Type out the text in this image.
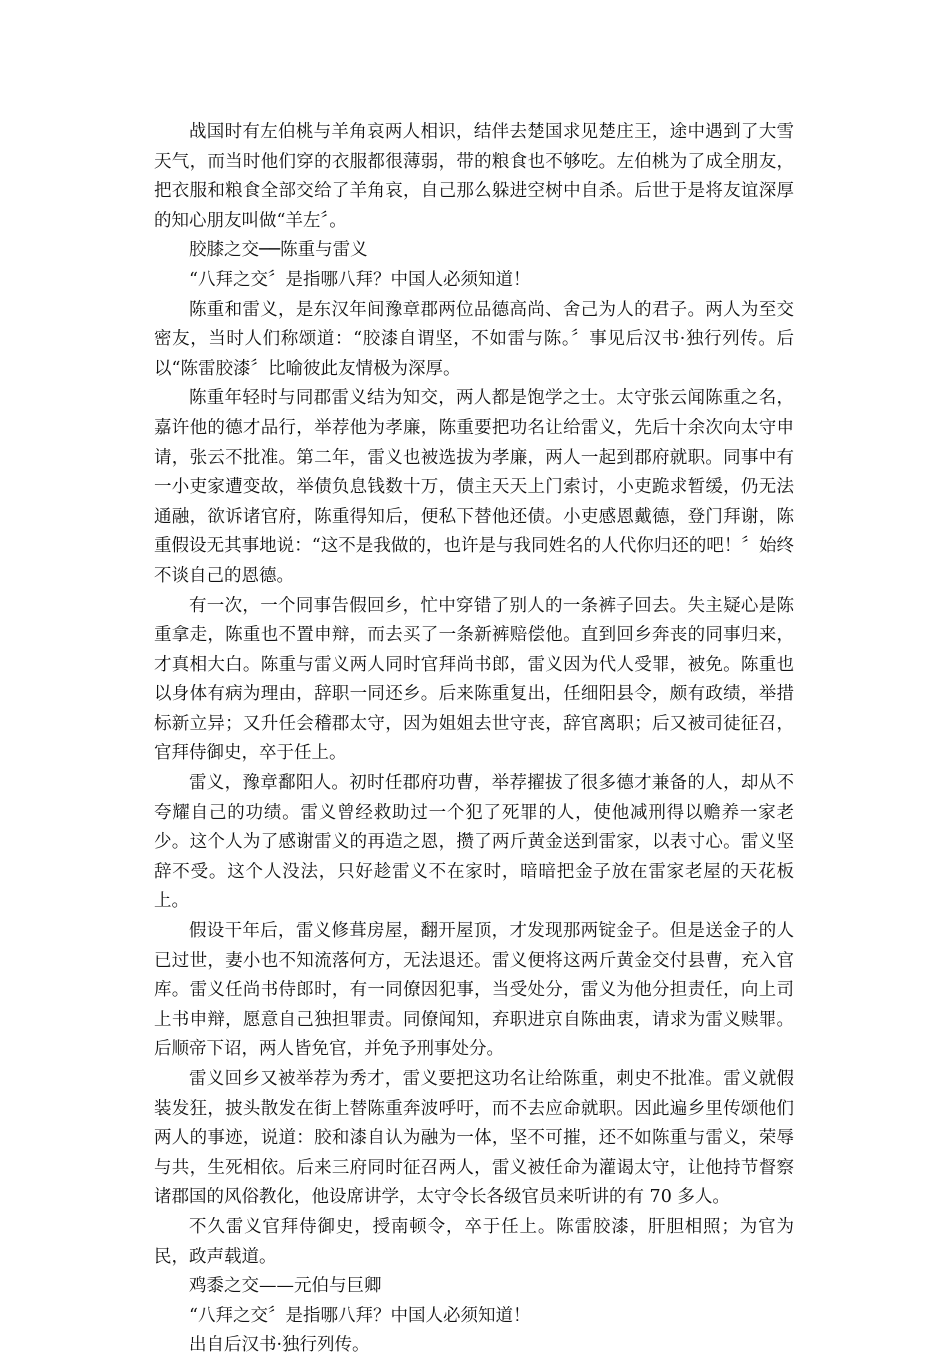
战国时有左伯桃与羊角哀两人相识，结伴去楚国求见楚庄王，途中遇到了大雪天气，而当时他们穿的衣服都很薄弱，带的粮食也不够吃。左伯桃为了成全朋友，把衣服和粮食全部交给了羊角哀，自己那么躲进空树中自杀。后世于是将友谊深厚的知心朋友叫做“羊左〞。

胶膝之交──陈重与雷义

“八拜之交〞是指哪八拜？中国人必须知道！

陈重和雷义，是东汉年间豫章郡两位品德高尚、舍己为人的君子。两人为至交密友，当时人们称颂道：“胶漆自谓坚，不如雷与陈。〞事见后汉书·独行列传。后以“陈雷胶漆〞比喻彼此友情极为深厚。

陈重年轻时与同郡雷义结为知交，两人都是饱学之士。太守张云闻陈重之名，嘉许他的德才品行，举荐他为孝廉，陈重要把功名让给雷义，先后十余次向太守申请，张云不批准。第二年，雷义也被选拔为孝廉，两人一起到郡府就职。同事中有一小吏家遭变故，举债负息钱数十万，债主天天上门索讨，小吏跪求暂缓，仍无法通融，欲诉诸官府，陈重得知后，便私下替他还债。小吏感恩戴德，登门拜谢，陈重假设无其事地说：“这不是我做的，也许是与我同姓名的人代你归还的吧！〞始终不谈自己的恩德。

有一次，一个同事告假回乡，忙中穿错了别人的一条裤子回去。失主疑心是陈重拿走，陈重也不置申辩，而去买了一条新裤赔偿他。直到回乡奔丧的同事归来，才真相大白。陈重与雷义两人同时官拜尚书郎，雷义因为代人受罪，被免。陈重也以身体有病为理由，辞职一同还乡。后来陈重复出，任细阳县令，颇有政绩，举措标新立异；又升任会稽郡太守，因为姐姐去世守丧，辞官离职；后又被司徒征召，官拜侍御史，卒于任上。

雷义，豫章鄱阳人。初时任郡府功曹，举荐擢拔了很多德才兼备的人，却从不夸耀自己的功绩。雷义曾经救助过一个犯了死罪的人，使他减刑得以赡养一家老少。这个人为了感谢雷义的再造之恩，攒了两斤黄金送到雷家，以表寸心。雷义坚辞不受。这个人没法，只好趁雷义不在家时，暗暗把金子放在雷家老屋的天花板上。

假设干年后，雷义修葺房屋，翻开屋顶，才发现那两锭金子。但是送金子的人已过世，妻小也不知流落何方，无法退还。雷义便将这两斤黄金交付县曹，充入官库。雷义任尚书侍郎时，有一同僚因犯事，当受处分，雷义为他分担责任，向上司上书申辩，愿意自己独担罪责。同僚闻知，弃职进京自陈曲衷，请求为雷义赎罪。后顺帝下诏，两人皆免官，并免予刑事处分。

雷义回乡又被举荐为秀才，雷义要把这功名让给陈重，刺史不批准。雷义就假装发狂，披头散发在街上替陈重奔波呼吁，而不去应命就职。因此遍乡里传颂他们两人的事迹，说道：胶和漆自认为融为一体，坚不可摧，还不如陈重与雷义，荣辱与共，生死相依。后来三府同时征召两人，雷义被任命为灌谒太守，让他持节督察诸郡国的风俗教化，他设席讲学，太守令长各级官员来听讲的有 70 多人。

不久雷义官拜侍御史，授南顿令，卒于任上。陈雷胶漆，肝胆相照；为官为民，政声载道。

鸡黍之交——元伯与巨卿

“八拜之交〞是指哪八拜？中国人必须知道！

出自后汉书·独行列传。
